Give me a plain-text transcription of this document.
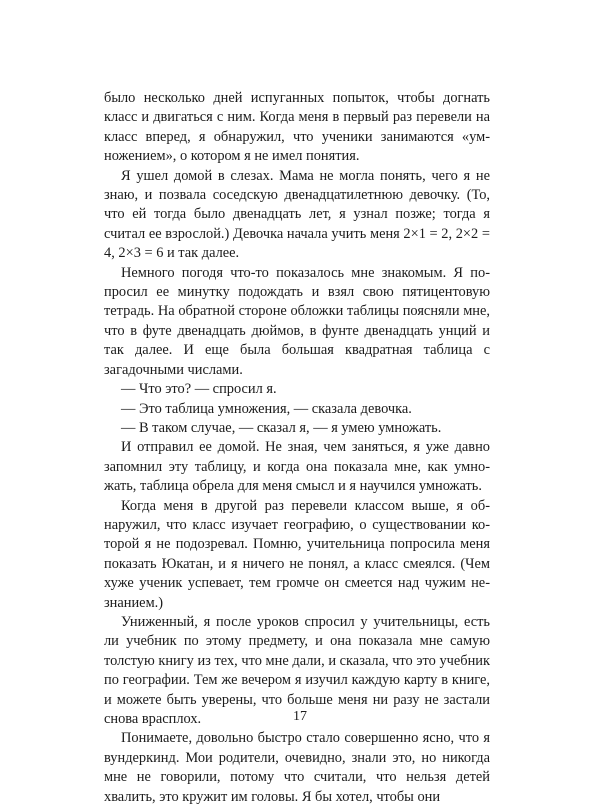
было несколько дней испуганных попыток, чтобы догнать класс и двигаться с ним. Когда меня в первый раз перевели на класс вперед, я обнаружил, что ученики занимаются «умножением», о котором я не имел понятия.

Я ушел домой в слезах. Мама не могла понять, чего я не знаю, и позвала соседскую двенадцатилетнюю девочку. (То, что ей тогда было двенадцать лет, я узнал позже; тогда я считал ее взрослой.) Девочка начала учить меня 2×1 = 2, 2×2 = 4, 2×3 = 6 и так далее.

Немного погодя что-то показалось мне знакомым. Я попросил ее минутку подождать и взял свою пятицентовую тетрадь. На обратной стороне обложки таблицы поясняли мне, что в футе двенадцать дюймов, в фунте двенадцать унций и так далее. И еще была большая квадратная таблица с загадочными числами.

— Что это? — спросил я.

— Это таблица умножения, — сказала девочка.

— В таком случае, — сказал я, — я умею умножать.

И отправил ее домой. Не зная, чем заняться, я уже давно запомнил эту таблицу, и когда она показала мне, как умножать, таблица обрела для меня смысл и я научился умножать.

Когда меня в другой раз перевели классом выше, я обнаружил, что класс изучает географию, о существовании которой я не подозревал. Помню, учительница попросила меня показать Юкатан, и я ничего не понял, а класс смеялся. (Чем хуже ученик успевает, тем громче он смеется над чужим незнанием.)

Униженный, я после уроков спросил у учительницы, есть ли учебник по этому предмету, и она показала мне самую толстую книгу из тех, что мне дали, и сказала, что это учебник по географии. Тем же вечером я изучил каждую карту в книге, и можете быть уверены, что больше меня ни разу не застали снова врасплох.

Понимаете, довольно быстро стало совершенно ясно, что я вундеркинд. Мои родители, очевидно, знали это, но никогда мне не говорили, потому что считали, что нельзя детей хвалить, это кружит им головы. Я бы хотел, чтобы они

17
